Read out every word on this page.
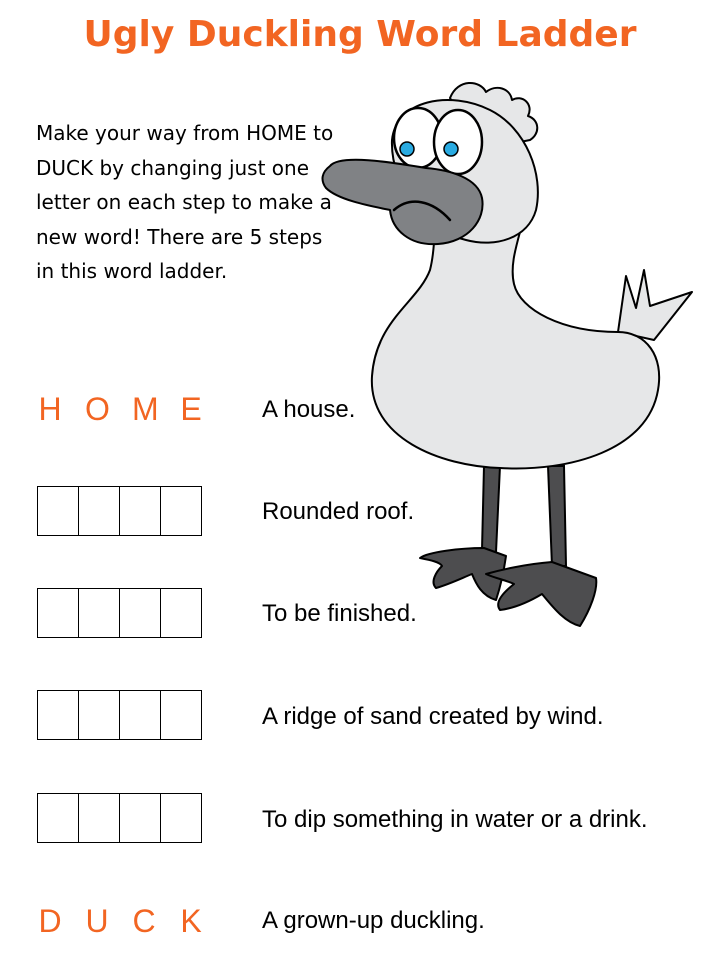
Ugly Duckling Word Ladder
Make your way from HOME to DUCK by changing just one letter on each step to make a new word! There are 5 steps in this word ladder.
H O M E	A house.
Rounded roof.
To be finished.
A ridge of sand created by wind.
To dip something in water or a drink.
D U C K	A grown-up duckling.
